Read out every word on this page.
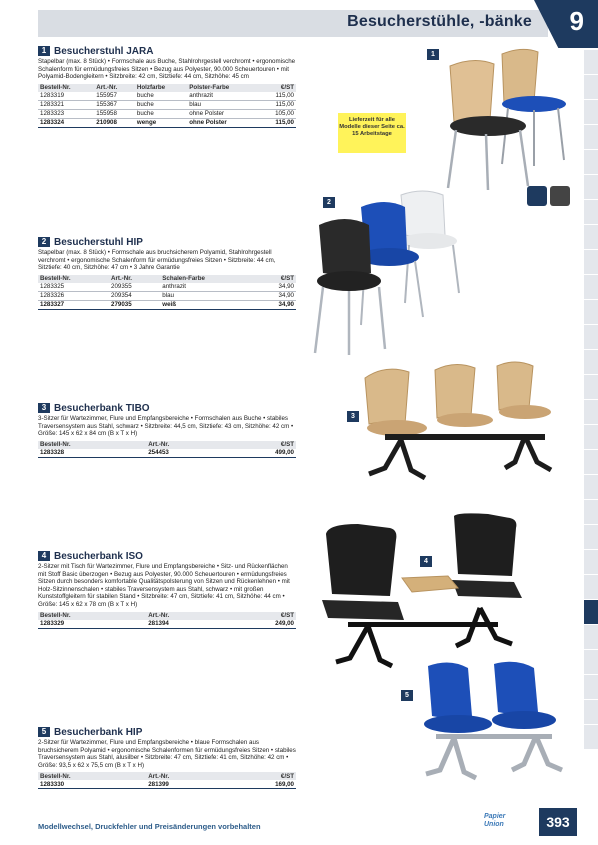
Besucherstühle, -bänke 9
1 Besucherstuhl JARA
Stapelbar (max. 8 Stück) • Formschale aus Buche, Stahlrohrgestell verchromt • ergonomische Schalenform für ermüdungsfreies Sitzen • Bezug aus Polyester, 90.000 Scheuertouren • mit Polyamid-Bodengleitern • Sitzbreite: 42 cm, Sitztiefe: 44 cm, Sitzhöhe: 45 cm
Bestell-Nr.	Art.-Nr.	Holzfarbe	Polster-Farbe	€/ST
1283319	155957	buche	anthrazit	115,00
1283321	155367	buche	blau	115,00
1283323	155958	buche	ohne Polster	105,00
1283324	210908	wenge	ohne Polster	115,00
2 Besucherstuhl HIP
Stapelbar (max. 8 Stück) • Formschale aus bruchsicherem Polyamid, Stahlrohrgestell verchromt • ergonomische Schalenform für ermüdungsfreies Sitzen • Sitzbreite: 44 cm, Sitztiefe: 40 cm, Sitzhöhe: 47 cm • 3 Jahre Garantie
Bestell-Nr.	Art.-Nr.	Schalen-Farbe	€/ST
1283325	209355	anthrazit	34,90
1283326	209354	blau	34,90
1283327	279035	weiß	34,90
3 Besucherbank TIBO
3-Sitzer für Wartezimmer, Flure und Empfangsbereiche • Formschalen aus Buche • stabiles Traversensystem aus Stahl, schwarz • Sitzbreite: 44,5 cm, Sitztiefe: 43 cm, Sitzhöhe: 42 cm • Größe: 145 x 62 x 84 cm (B x T x H)
Bestell-Nr.	Art.-Nr.	€/ST
1283328	254453	499,00
4 Besucherbank ISO
2-Sitzer mit Tisch für Wartezimmer, Flure und Empfangsbereiche • Sitz- und Rückenflächen mit Stoff Basic überzogen • Bezug aus Polyester, 90.000 Scheuertouren • ermüdungsfreies Sitzen durch besonders komfortable Qualitätspolsterung von Sitzen und Rückenlehnen • mit Holz-Sitzinnenschalen • stabiles Traversensystem aus Stahl, schwarz • mit großen Kunststoffgleitern für stabilen Stand • Sitzbreite: 47 cm, Sitztiefe: 41 cm, Sitzhöhe: 44 cm • Größe: 145 x 62 x 78 cm (B x T x H)
Bestell-Nr.	Art.-Nr.	€/ST
1283329	281394	249,00
5 Besucherbank HIP
2-Sitzer für Wartezimmer, Flure und Empfangsbereiche • blaue Formschalen aus bruchsicherem Polyamid • ergonomische Schalenformen für ermüdungsfreies Sitzen • stabiles Traversensystem aus Stahl, alusilber • Sitzbreite: 47 cm, Sitztiefe: 41 cm, Sitzhöhe: 42 cm • Größe: 93,5 x 62 x 75,5 cm (B x T x H)
Bestell-Nr.	Art.-Nr.	€/ST
1283330	281399	169,00
1
Lieferzeit für alle Modelle dieser Seite ca. 15 Arbeitstage
2
3
4
5
Modellwechsel, Druckfehler und Preisänderungen vorbehalten
Papier Union	393
